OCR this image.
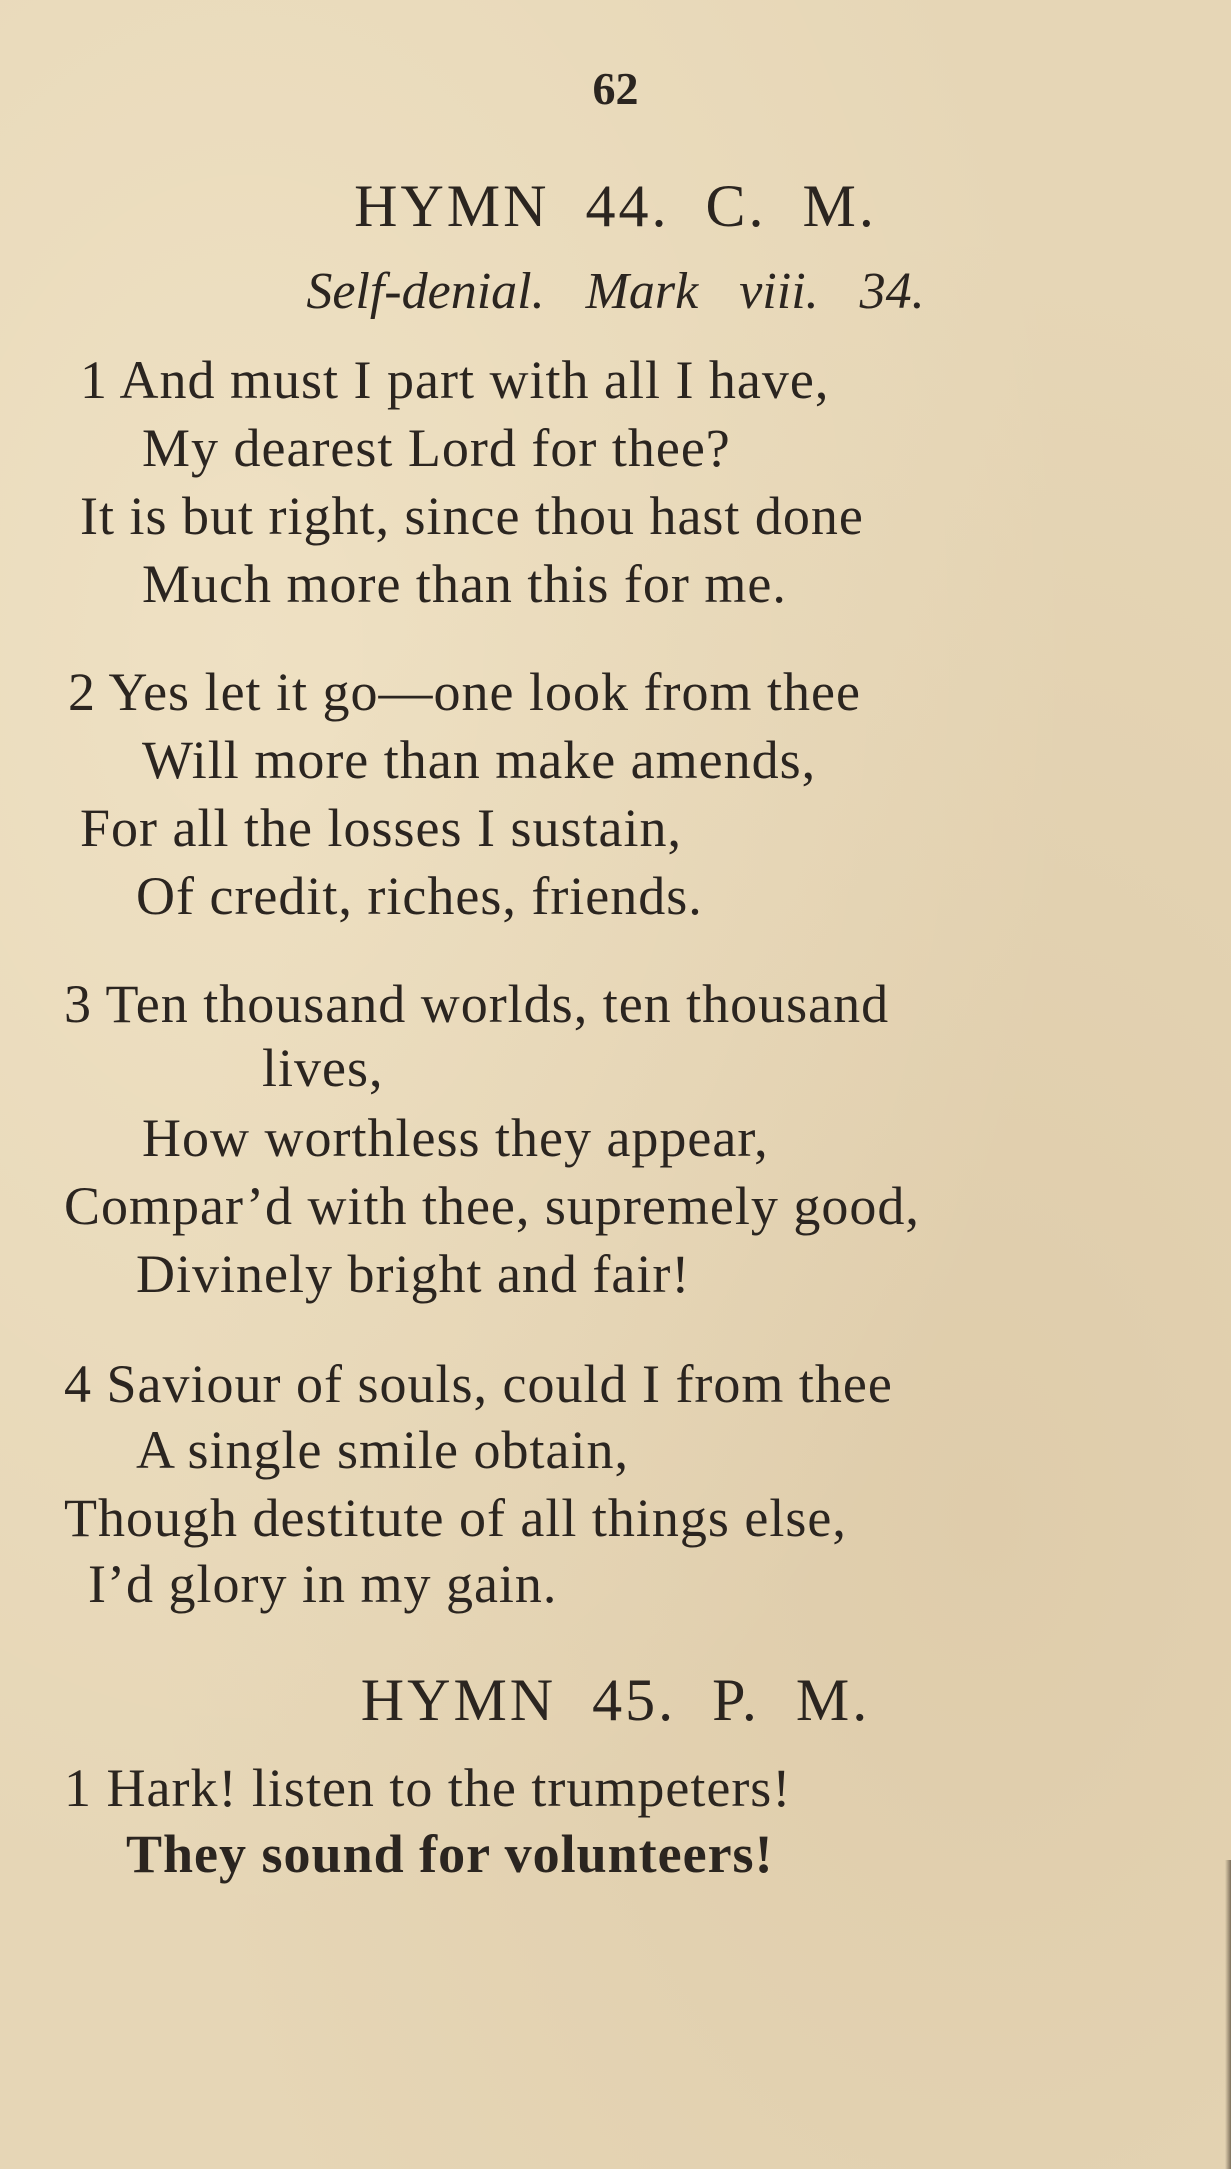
62
HYMN 44. C. M.
Self-denial. Mark viii. 34.
1 And must I part with all I have,
My dearest Lord for thee?
It is but right, since thou hast done
Much more than this for me.
2 Yes let it go—one look from thee
Will more than make amends,
For all the losses I sustain,
Of credit, riches, friends.
3 Ten thousand worlds, ten thousand
lives,
How worthless they appear,
Compar’d with thee, supremely good,
Divinely bright and fair!
4 Saviour of souls, could I from thee
A single smile obtain,
Though destitute of all things else,
I’d glory in my gain.
HYMN 45. P. M.
1 Hark! listen to the trumpeters!
They sound for volunteers!
